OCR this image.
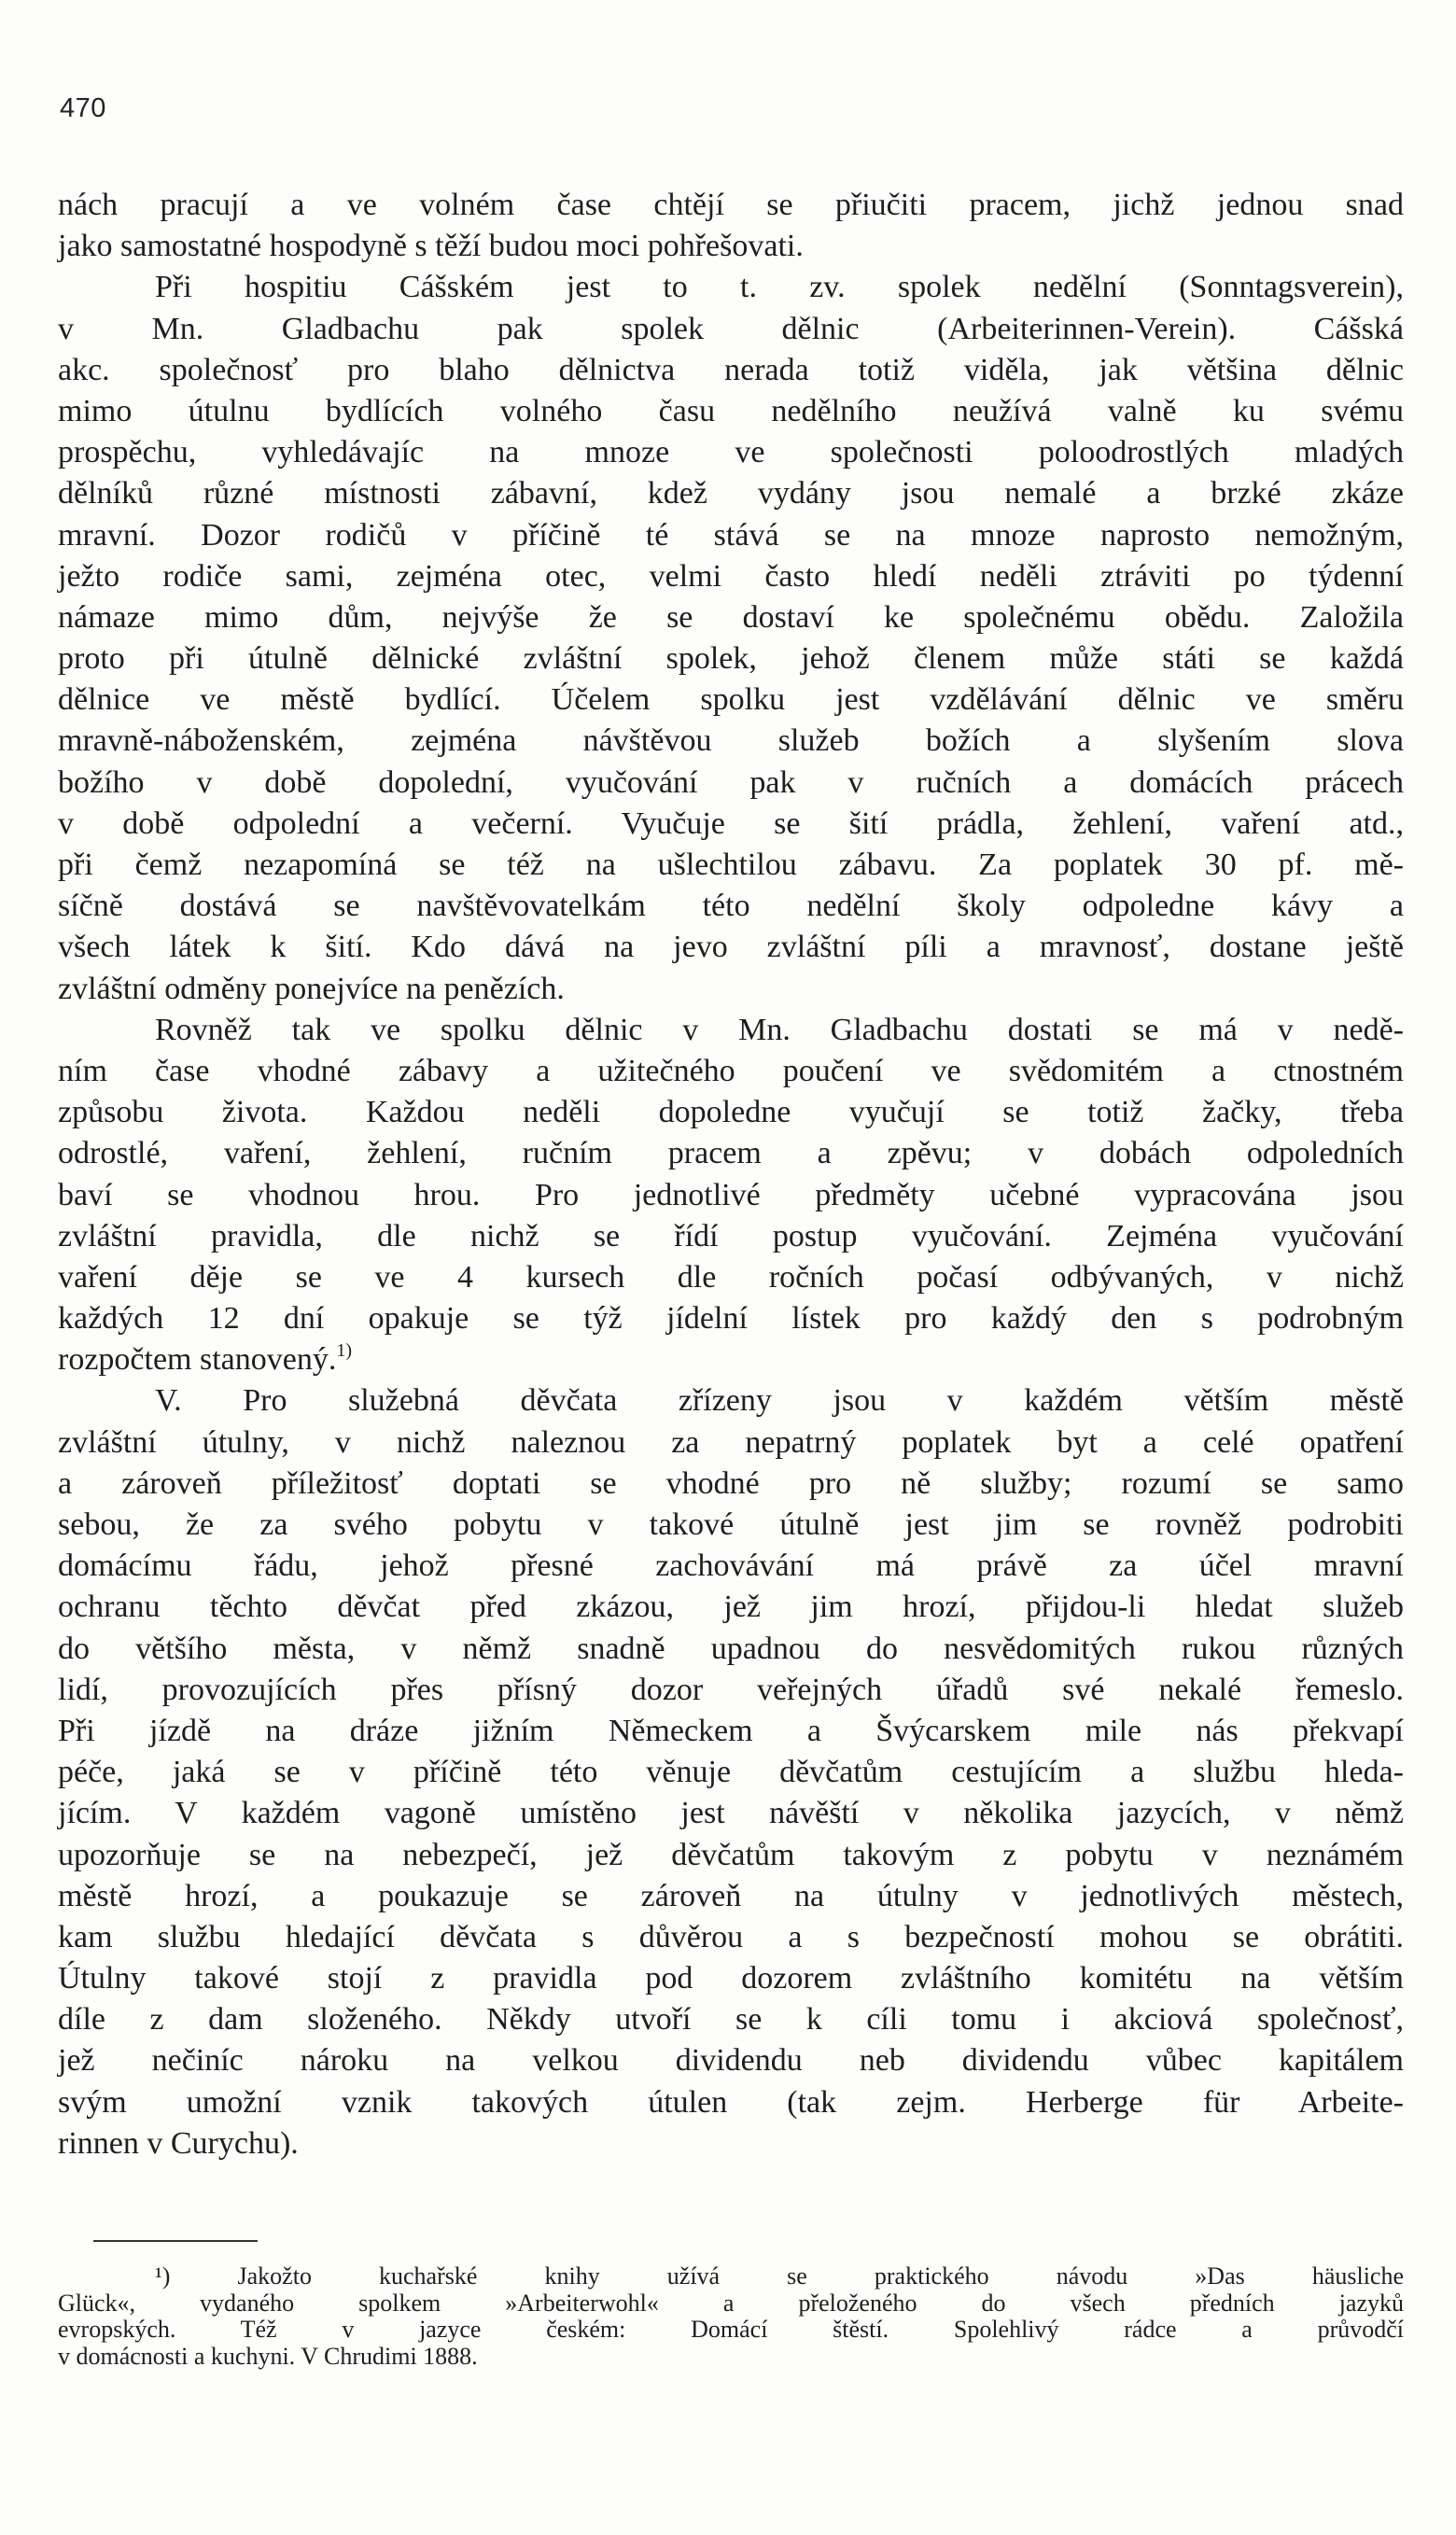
470
nách pracují a ve volném čase chtějí se přiučiti pracem, jichž jednou snad
jako samostatné hospodyně s těží budou moci pohřešovati.
Při hospitiu Cášském jest to t. zv. spolek nedělní (Sonntagsverein),
v Mn. Gladbachu pak spolek dělnic (Arbeiterinnen-Verein). Cášská
akc. společnosť pro blaho dělnictva nerada totiž viděla, jak většina dělnic
mimo útulnu bydlících volného času nedělního neužívá valně ku svému
prospěchu, vyhledávajíc na mnoze ve společnosti poloodrostlých mladých
dělníků různé místnosti zábavní, kdež vydány jsou nemalé a brzké zkáze
mravní. Dozor rodičů v příčině té stává se na mnoze naprosto nemožným,
ježto rodiče sami, zejména otec, velmi často hledí neděli ztráviti po týdenní
námaze mimo dům, nejvýše že se dostaví ke společnému obědu. Založila
proto při útulně dělnické zvláštní spolek, jehož členem může státi se každá
dělnice ve městě bydlící. Účelem spolku jest vzdělávání dělnic ve směru
mravně-náboženském, zejména návštěvou služeb božích a slyšením slova
božího v době dopolední, vyučování pak v ručních a domácích prácech
v době odpolední a večerní. Vyučuje se šití prádla, žehlení, vaření atd.,
při čemž nezapomíná se též na ušlechtilou zábavu. Za poplatek 30 pf. mě-
síčně dostává se navštěvovatelkám této nedělní školy odpoledne kávy a
všech látek k šití. Kdo dává na jevo zvláštní píli a mravnosť, dostane ještě
zvláštní odměny ponejvíce na penězích.
Rovněž tak ve spolku dělnic v Mn. Gladbachu dostati se má v nedě-
ním čase vhodné zábavy a užitečného poučení ve svědomitém a ctnostném
způsobu života. Každou neděli dopoledne vyučují se totiž žačky, třeba
odrostlé, vaření, žehlení, ručním pracem a zpěvu; v dobách odpoledních
baví se vhodnou hrou. Pro jednotlivé předměty učebné vypracována jsou
zvláštní pravidla, dle nichž se řídí postup vyučování. Zejména vyučování
vaření děje se ve 4 kursech dle ročních počasí odbývaných, v nichž
každých 12 dní opakuje se týž jídelní lístek pro každý den s podrobným
rozpočtem stanovený.$^{1)}$
V. Pro služebná děvčata zřízeny jsou v každém větším městě
zvláštní útulny, v nichž naleznou za nepatrný poplatek byt a celé opatření
a zároveň příležitosť doptati se vhodné pro ně služby; rozumí se samo
sebou, že za svého pobytu v takové útulně jest jim se rovněž podrobiti
domácímu řádu, jehož přesné zachovávání má právě za účel mravní
ochranu těchto děvčat před zkázou, jež jim hrozí, přijdou-li hledat služeb
do většího města, v němž snadně upadnou do nesvědomitých rukou různých
lidí, provozujících přes přísný dozor veřejných úřadů své nekalé řemeslo.
Při jízdě na dráze jižním Německem a Švýcarskem mile nás překvapí
péče, jaká se v příčině této věnuje děvčatům cestujícím a službu hleda-
jícím. V každém vagoně umístěno jest návěští v několika jazycích, v němž
upozorňuje se na nebezpečí, jež děvčatům takovým z pobytu v neznámém
městě hrozí, a poukazuje se zároveň na útulny v jednotlivých městech,
kam službu hledající děvčata s důvěrou a s bezpečností mohou se obrátiti.
Útulny takové stojí z pravidla pod dozorem zvláštního komitétu na větším
díle z dam složeného. Někdy utvoří se k cíli tomu i akciová společnosť,
jež nečiníc nároku na velkou dividendu neb dividendu vůbec kapitálem
svým umožní vznik takových útulen (tak zejm. Herberge für Arbeite-
rinnen v Curychu).
¹) Jakožto kuchařské knihy užívá se praktického návodu »Das häusliche
Glück«, vydaného spolkem »Arbeiterwohl« a přeloženého do všech předních jazyků
evropských. Též v jazyce českém: Domácí štěstí. Spolehlivý rádce a průvodčí
v domácnosti a kuchyni. V Chrudimi 1888.
